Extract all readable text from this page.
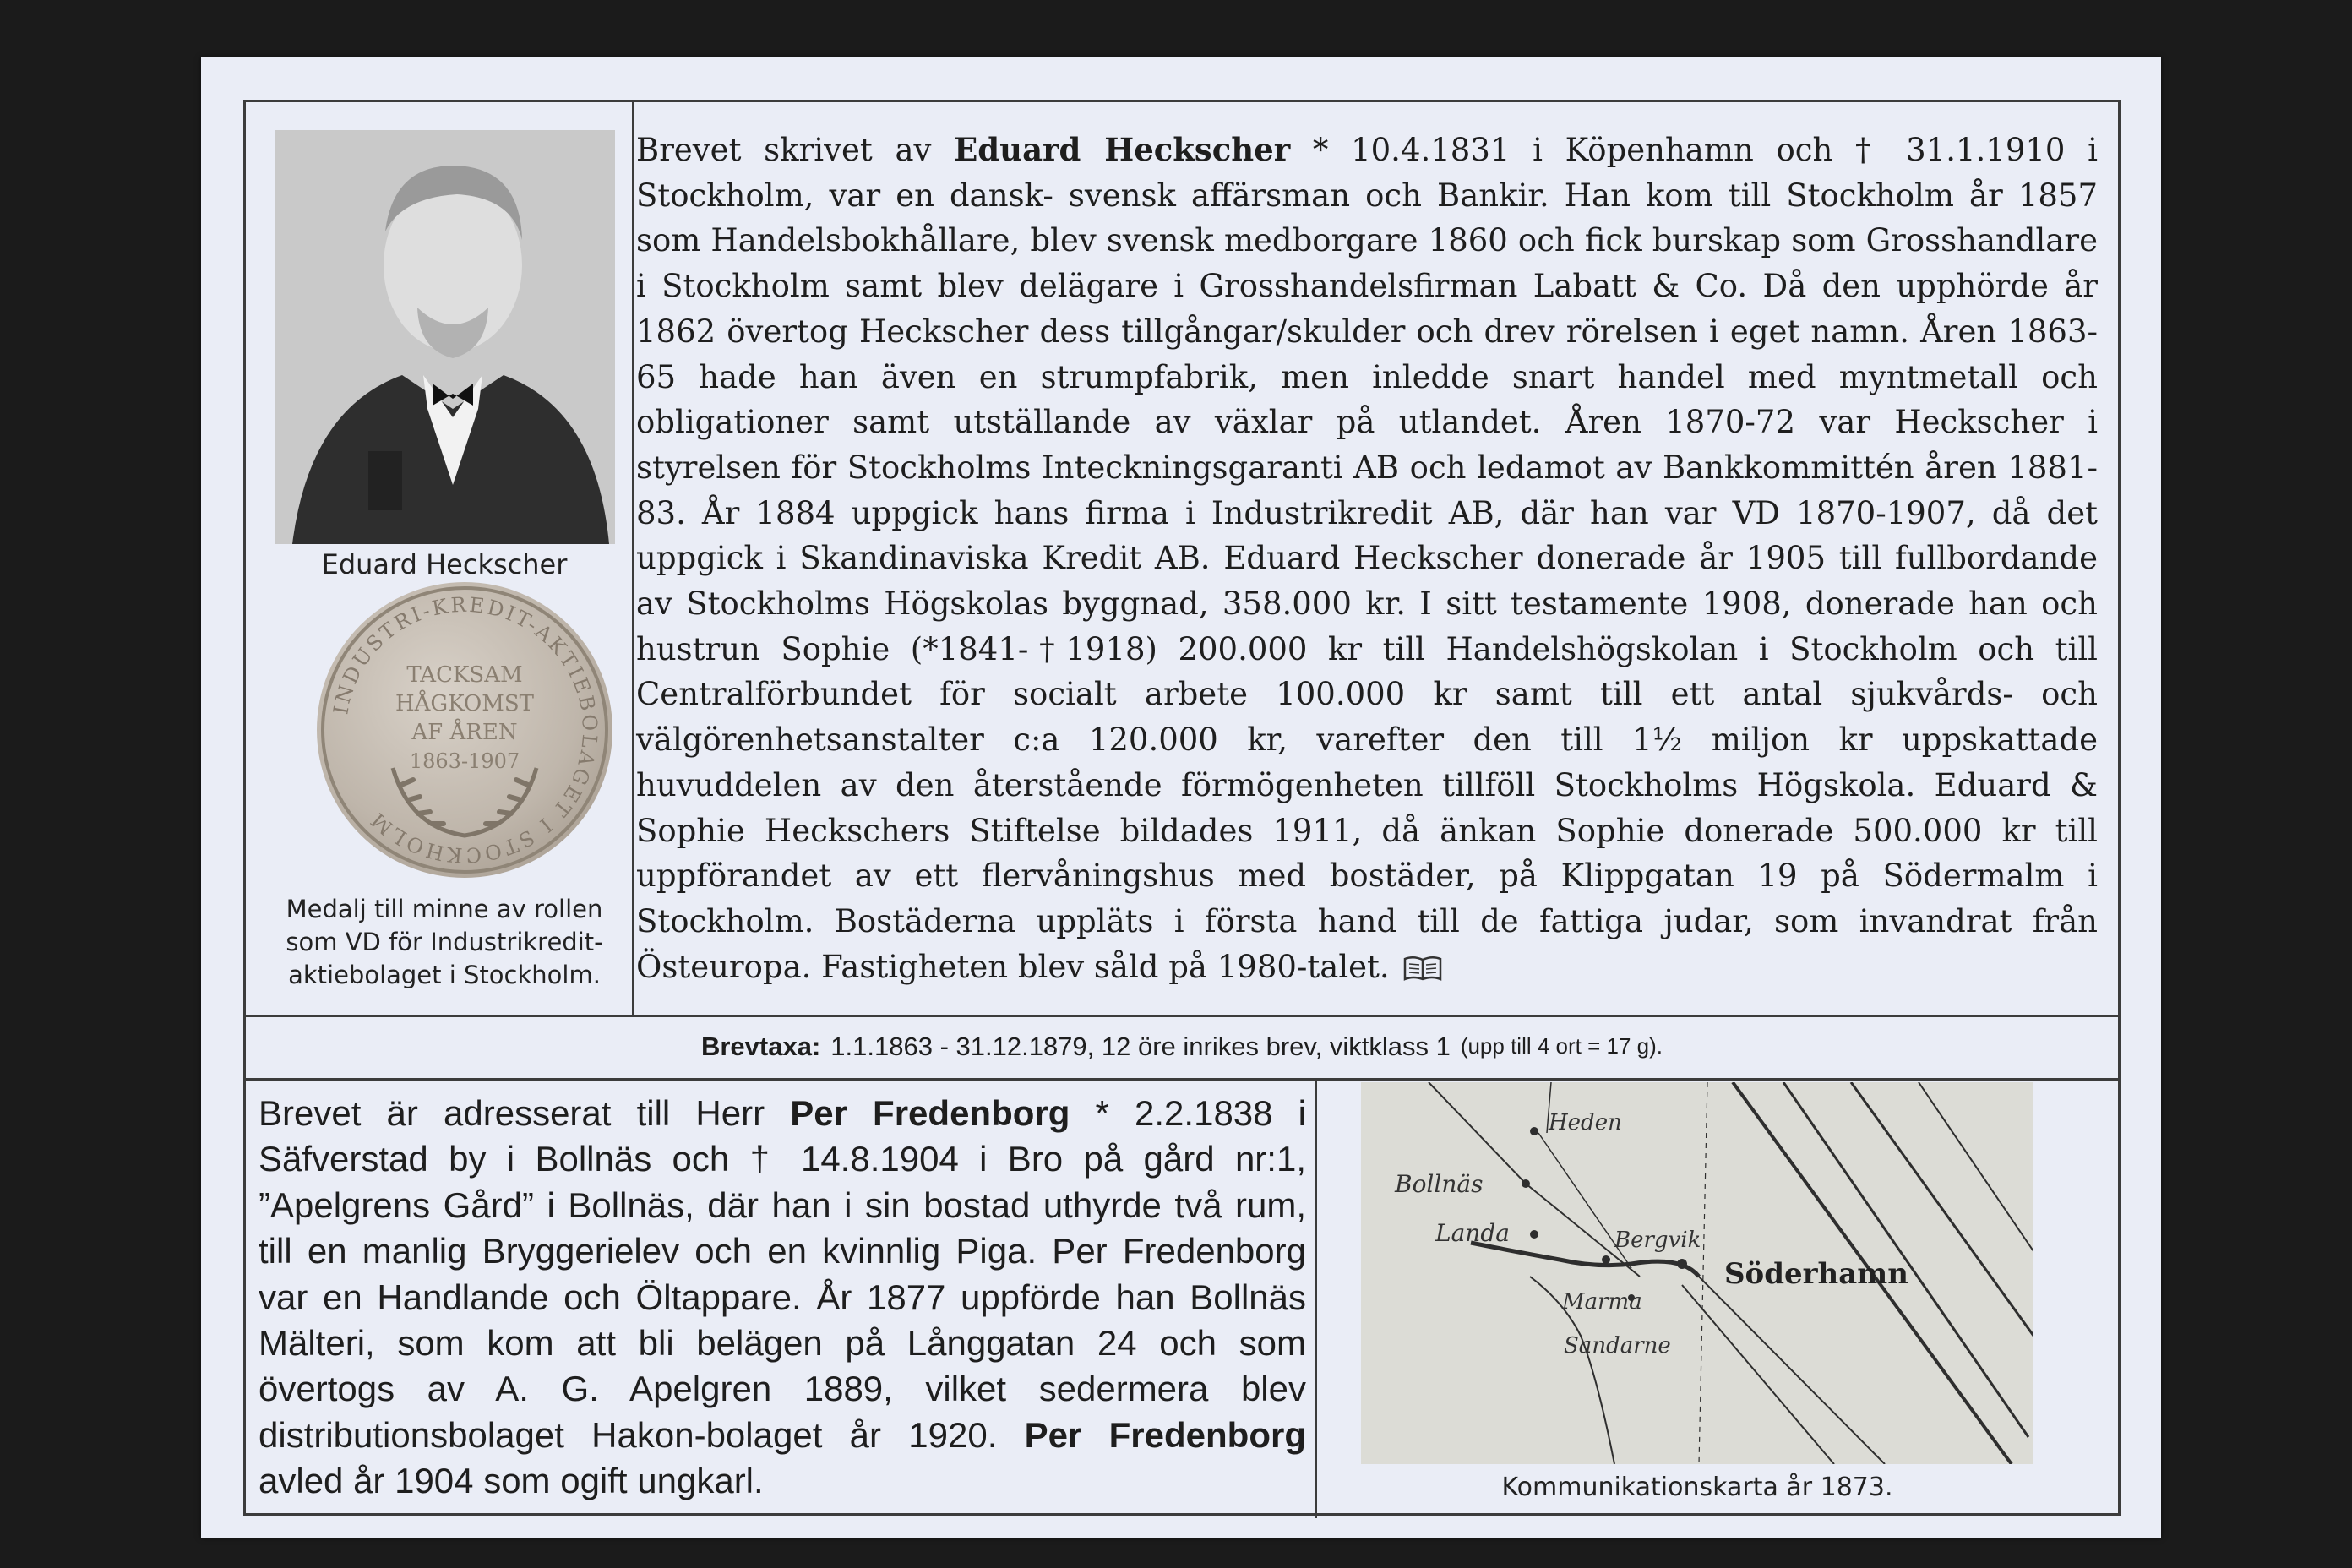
Eduard Heckscher
INDUSTRI-KREDIT-AKTIEBOLAGET I STOCKHOLM
TACKSAM
HÅGKOMST
AF ÅREN
1863-1907
Medalj till minne av rollen
som VD för Industrikredit-
aktiebolaget i Stockholm.

Brevet skrivet av Eduard Heckscher * 10.4.1831 i Köpenhamn och † 31.1.1910 i Stockholm, var en dansk- svensk affärsman och Bankir. Han kom till Stockholm år 1857 som Handelsbokhållare, blev svensk medborgare 1860 och fick burskap som Grosshandlare i Stockholm samt blev delägare i Grosshandelsfirman Labatt & Co. Då den upphörde år 1862 övertog Heckscher dess tillgångar/skulder och drev rörelsen i eget namn. Åren 1863-65 hade han även en strumpfabrik, men inledde snart handel med myntmetall och obligationer samt utställande av växlar på utlandet. Åren 1870-72 var Heckscher i styrelsen för Stockholms Inteckningsgaranti AB och ledamot av Bankkommittén åren 1881-83. År 1884 uppgick hans firma i Industrikredit AB, där han var VD 1870-1907, då det uppgick i Skandinaviska Kredit AB. Eduard Heckscher donerade år 1905 till fullbordande av Stockholms Högskolas byggnad, 358.000 kr. I sitt testamente 1908, donerade han och hustrun Sophie (*1841-†1918) 200.000 kr till Handelshögskolan i Stockholm och till Centralförbundet för socialt arbete 100.000 kr samt till ett antal sjukvårds- och välgörenhetsanstalter c:a 120.000 kr, varefter den till 1½ miljon kr uppskattade huvuddelen av den återstående förmögenheten tillföll Stockholms Högskola. Eduard & Sophie Heckschers Stiftelse bildades 1911, då änkan Sophie donerade 500.000 kr till uppförandet av ett flervåningshus med bostäder, på Klippgatan 19 på Södermalm i Stockholm. Bostäderna uppläts i första hand till de fattiga judar, som invandrat från Östeuropa. Fastigheten blev såld på 1980-talet.

Brevtaxa: 1.1.1863 - 31.12.1879, 12 öre inrikes brev, viktklass 1 (upp till 4 ort = 17 g).

Brevet är adresserat till Herr Per Fredenborg * 2.2.1838 i Säfverstad by i Bollnäs och † 14.8.1904 i Bro på gård nr:1, ”Apelgrens Gård” i Bollnäs, där han i sin bostad uthyrde två rum, till en manlig Bryggerielev och en kvinnlig Piga. Per Fredenborg var en Handlande och Öltappare. År 1877 uppförde han Bollnäs Mälteri, som kom att bli belägen på Långgatan 24 och som övertogs av A. G. Apelgren 1889, vilket sedermera blev distributionsbolaget Hakon-bolaget år 1920. Per Fredenborg avled år 1904 som ogift ungkarl.

Heden
Bollnäs
Landa	Bergvik
Marma
Sandarne
Söderhamn
Kommunikationskarta år 1873.
